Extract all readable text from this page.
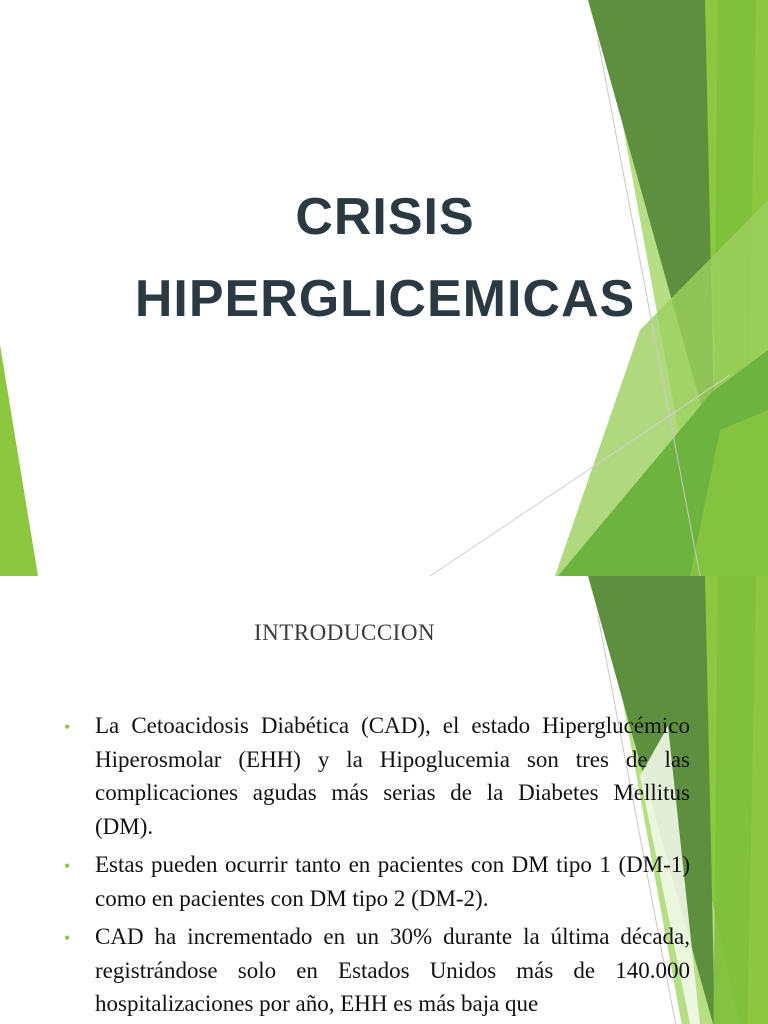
CRISIS
HIPERGLICEMICAS
INTRODUCCION
• La Cetoacidosis Diabética (CAD), el estado Hiperglucémico Hiperosmolar (EHH) y la Hipoglucemia son tres de las complicaciones agudas más serias de la Diabetes Mellitus (DM).
• Estas pueden ocurrir tanto en pacientes con DM tipo 1 (DM-1) como en pacientes con DM tipo 2 (DM-2).
• CAD ha incrementado en un 30% durante la última década, registrándose solo en Estados Unidos más de 140.000 hospitalizaciones por año, EHH es más baja que
